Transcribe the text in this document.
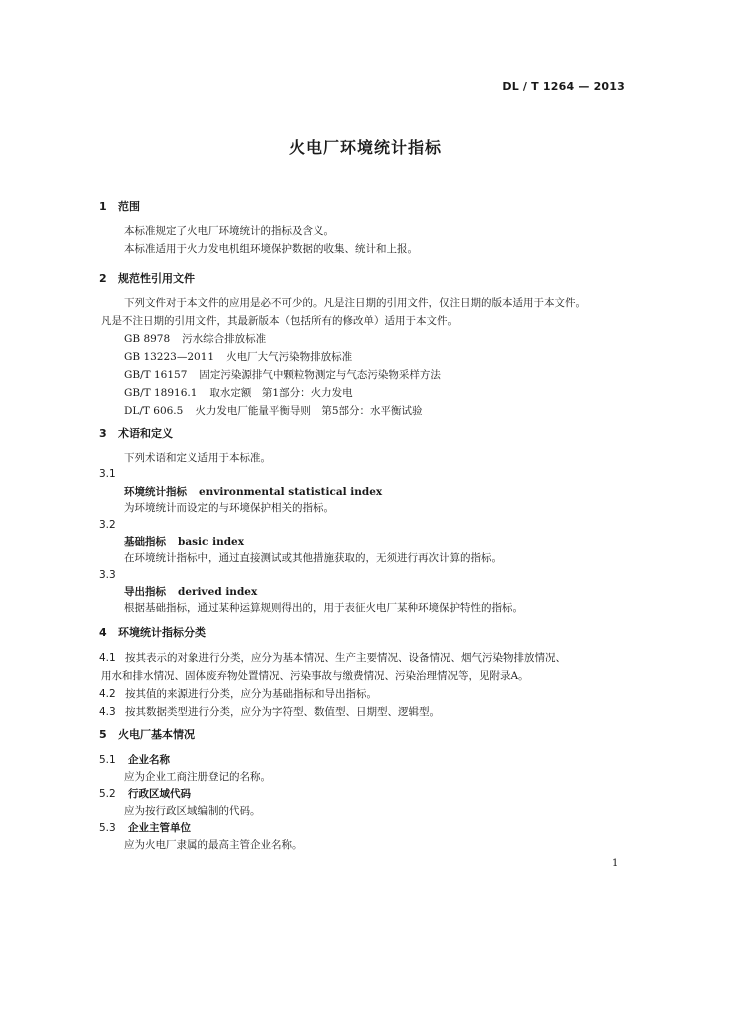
DL / T 1264 — 2013
火电厂环境统计指标
1 范围
本标准规定了火电厂环境统计的指标及含义。
本标准适用于火力发电机组环境保护数据的收集、统计和上报。
2 规范性引用文件
下列文件对于本文件的应用是必不可少的。凡是注日期的引用文件，仅注日期的版本适用于本文件。
凡是不注日期的引用文件，其最新版本（包括所有的修改单）适用于本文件。
GB 8978 污水综合排放标准
GB 13223—2011 火电厂大气污染物排放标准
GB/T 16157 固定污染源排气中颗粒物测定与气态污染物采样方法
GB/T 18916.1 取水定额　第1部分：火力发电
DL/T 606.5 火力发电厂能量平衡导则　第5部分：水平衡试验
3 术语和定义
下列术语和定义适用于本标准。
3.1
环境统计指标 environmental statistical index
为环境统计而设定的与环境保护相关的指标。
3.2
基础指标 basic index
在环境统计指标中，通过直接测试或其他措施获取的，无须进行再次计算的指标。
3.3
导出指标 derived index
根据基础指标，通过某种运算规则得出的，用于表征火电厂某种环境保护特性的指标。
4 环境统计指标分类
4.1 按其表示的对象进行分类，应分为基本情况、生产主要情况、设备情况、烟气污染物排放情况、
用水和排水情况、固体废弃物处置情况、污染事故与缴费情况、污染治理情况等，见附录A。
4.2 按其值的来源进行分类，应分为基础指标和导出指标。
4.3 按其数据类型进行分类，应分为字符型、数值型、日期型、逻辑型。
5 火电厂基本情况
5.1 企业名称
应为企业工商注册登记的名称。
5.2 行政区域代码
应为按行政区域编制的代码。
5.3 企业主管单位
应为火电厂隶属的最高主管企业名称。
1
